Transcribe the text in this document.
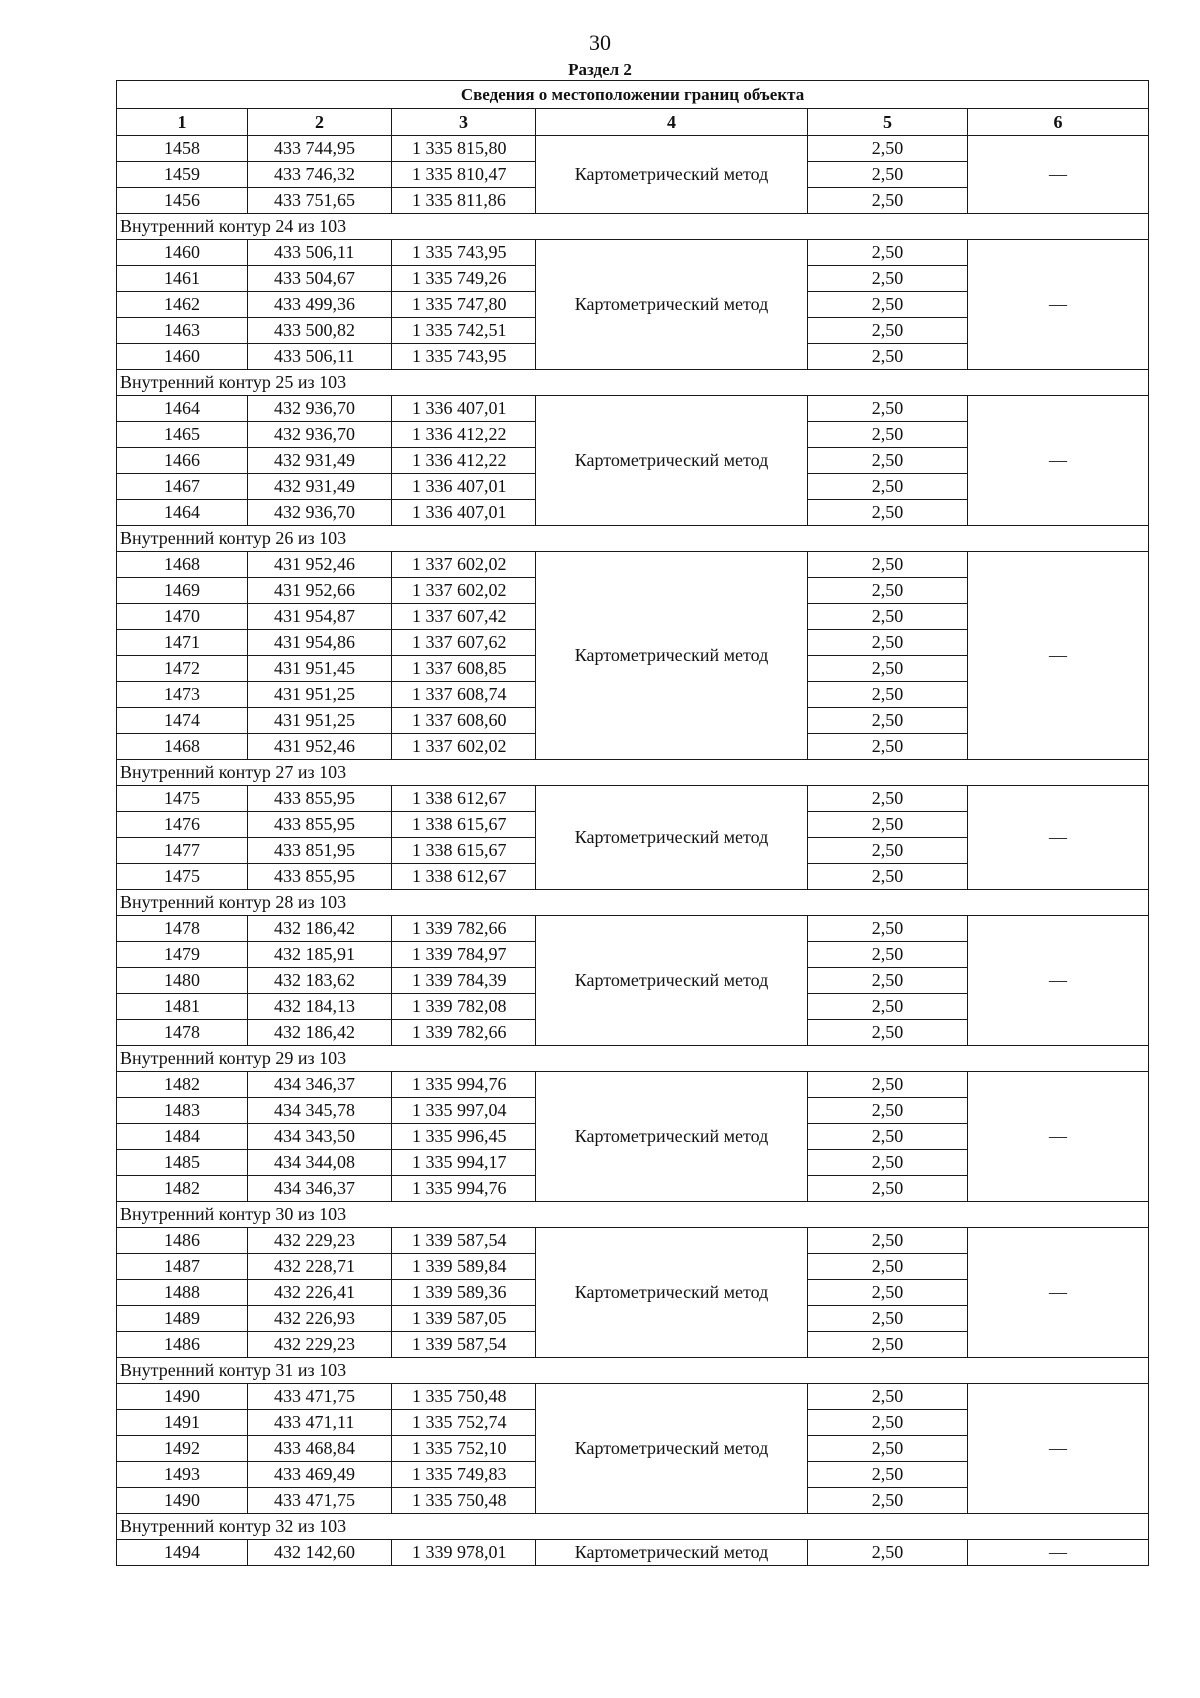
30
Раздел 2
Сведения о местоположении границ объекта					
1	2	3	4	5	6
1458	433 744,95	1 335 815,80	Картометрический метод	2,50	—
1459	433 746,32	1 335 810,47		2,50	
1456	433 751,65	1 335 811,86		2,50	
Внутренний контур 24 из 103					
1460	433 506,11	1 335 743,95	Картометрический метод	2,50	—
1461	433 504,67	1 335 749,26		2,50	
1462	433 499,36	1 335 747,80		2,50	
1463	433 500,82	1 335 742,51		2,50	
1460	433 506,11	1 335 743,95		2,50	
Внутренний контур 25 из 103					
1464	432 936,70	1 336 407,01	Картометрический метод	2,50	—
1465	432 936,70	1 336 412,22		2,50	
1466	432 931,49	1 336 412,22		2,50	
1467	432 931,49	1 336 407,01		2,50	
1464	432 936,70	1 336 407,01		2,50	
Внутренний контур 26 из 103					
1468	431 952,46	1 337 602,02	Картометрический метод	2,50	—
1469	431 952,66	1 337 602,02		2,50	
1470	431 954,87	1 337 607,42		2,50	
1471	431 954,86	1 337 607,62		2,50	
1472	431 951,45	1 337 608,85		2,50	
1473	431 951,25	1 337 608,74		2,50	
1474	431 951,25	1 337 608,60		2,50	
1468	431 952,46	1 337 602,02		2,50	
Внутренний контур 27 из 103					
1475	433 855,95	1 338 612,67	Картометрический метод	2,50	—
1476	433 855,95	1 338 615,67		2,50	
1477	433 851,95	1 338 615,67		2,50	
1475	433 855,95	1 338 612,67		2,50	
Внутренний контур 28 из 103					
1478	432 186,42	1 339 782,66	Картометрический метод	2,50	—
1479	432 185,91	1 339 784,97		2,50	
1480	432 183,62	1 339 784,39		2,50	
1481	432 184,13	1 339 782,08		2,50	
1478	432 186,42	1 339 782,66		2,50	
Внутренний контур 29 из 103					
1482	434 346,37	1 335 994,76	Картометрический метод	2,50	—
1483	434 345,78	1 335 997,04		2,50	
1484	434 343,50	1 335 996,45		2,50	
1485	434 344,08	1 335 994,17		2,50	
1482	434 346,37	1 335 994,76		2,50	
Внутренний контур 30 из 103					
1486	432 229,23	1 339 587,54	Картометрический метод	2,50	—
1487	432 228,71	1 339 589,84		2,50	
1488	432 226,41	1 339 589,36		2,50	
1489	432 226,93	1 339 587,05		2,50	
1486	432 229,23	1 339 587,54		2,50	
Внутренний контур 31 из 103					
1490	433 471,75	1 335 750,48	Картометрический метод	2,50	—
1491	433 471,11	1 335 752,74		2,50	
1492	433 468,84	1 335 752,10		2,50	
1493	433 469,49	1 335 749,83		2,50	
1490	433 471,75	1 335 750,48		2,50	
Внутренний контур 32 из 103					
1494	432 142,60	1 339 978,01	Картометрический метод	2,50	—
